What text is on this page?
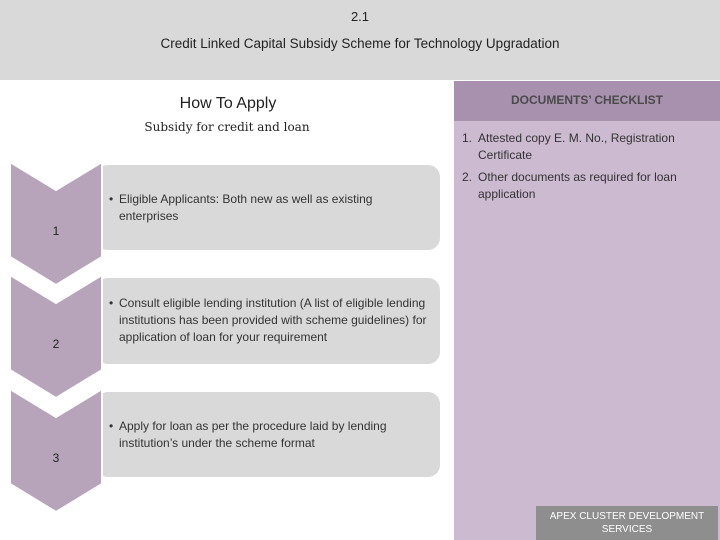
2.1
Credit Linked Capital Subsidy Scheme for Technology Upgradation
How To Apply
Subsidy for credit and loan
• Eligible Applicants: Both new as well as existing enterprises
1
• Consult eligible lending institution (A list of eligible lending institutions has been provided with scheme guidelines) for application of loan for your requirement
2
• Apply for loan as per the procedure laid by lending institution’s under the scheme format
3
DOCUMENTS’ CHECKLIST
1. Attested copy E. M. No., Registration Certificate
2. Other documents as required for loan application
APEX CLUSTER DEVELOPMENT
SERVICES
